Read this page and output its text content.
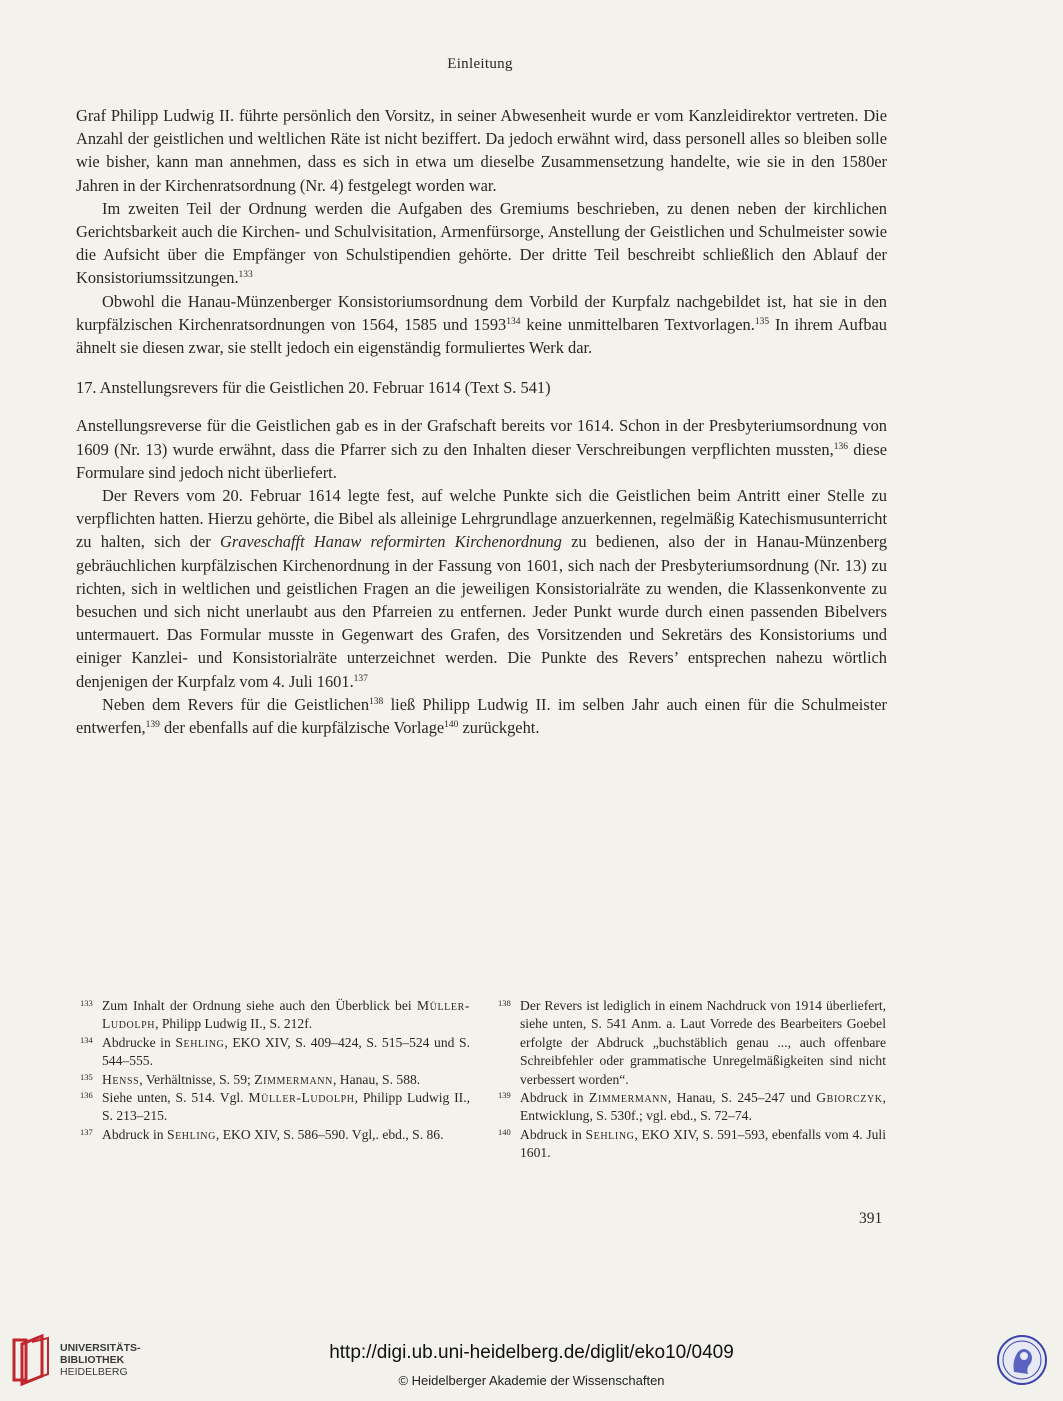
Einleitung

Graf Philipp Ludwig II. führte persönlich den Vorsitz, in seiner Abwesenheit wurde er vom Kanzleidirektor vertreten. Die Anzahl der geistlichen und weltlichen Räte ist nicht beziffert. Da jedoch erwähnt wird, dass personell alles so bleiben solle wie bisher, kann man annehmen, dass es sich in etwa um dieselbe Zusammensetzung handelte, wie sie in den 1580er Jahren in der Kirchenratsordnung (Nr. 4) festgelegt worden war.

Im zweiten Teil der Ordnung werden die Aufgaben des Gremiums beschrieben, zu denen neben der kirchlichen Gerichtsbarkeit auch die Kirchen- und Schulvisitation, Armenfürsorge, Anstellung der Geistlichen und Schulmeister sowie die Aufsicht über die Empfänger von Schulstipendien gehörte. Der dritte Teil beschreibt schließlich den Ablauf der Konsistoriumssitzungen.$^{133}$

Obwohl die Hanau-Münzenberger Konsistoriumsordnung dem Vorbild der Kurpfalz nachgebildet ist, hat sie in den kurpfälzischen Kirchenratsordnungen von 1564, 1585 und 1593$^{134}$ keine unmittelbaren Textvorlagen.$^{135}$ In ihrem Aufbau ähnelt sie diesen zwar, sie stellt jedoch ein eigenständig formuliertes Werk dar.

17. Anstellungsrevers für die Geistlichen 20. Februar 1614 (Text S. 541)

Anstellungsreverse für die Geistlichen gab es in der Grafschaft bereits vor 1614. Schon in der Presbyteriumsordnung von 1609 (Nr. 13) wurde erwähnt, dass die Pfarrer sich zu den Inhalten dieser Verschreibungen verpflichten mussten,$^{136}$ diese Formulare sind jedoch nicht überliefert.

Der Revers vom 20. Februar 1614 legte fest, auf welche Punkte sich die Geistlichen beim Antritt einer Stelle zu verpflichten hatten. Hierzu gehörte, die Bibel als alleinige Lehrgrundlage anzuerkennen, regelmäßig Katechismusunterricht zu halten, sich der Graveschafft Hanaw reformirten Kirchenordnung zu bedienen, also der in Hanau-Münzenberg gebräuchlichen kurpfälzischen Kirchenordnung in der Fassung von 1601, sich nach der Presbyteriumsordnung (Nr. 13) zu richten, sich in weltlichen und geistlichen Fragen an die jeweiligen Konsistorialräte zu wenden, die Klassenkonvente zu besuchen und sich nicht unerlaubt aus den Pfarreien zu entfernen. Jeder Punkt wurde durch einen passenden Bibelvers untermauert. Das Formular musste in Gegenwart des Grafen, des Vorsitzenden und Sekretärs des Konsistoriums und einiger Kanzlei- und Konsistorialräte unterzeichnet werden. Die Punkte des Revers’ entsprechen nahezu wörtlich denjenigen der Kurpfalz vom 4. Juli 1601.$^{137}$

Neben dem Revers für die Geistlichen$^{138}$ ließ Philipp Ludwig II. im selben Jahr auch einen für die Schulmeister entwerfen,$^{139}$ der ebenfalls auf die kurpfälzische Vorlage$^{140}$ zurückgeht.

133 Zum Inhalt der Ordnung siehe auch den Überblick bei Müller-Ludolph, Philipp Ludwig II., S. 212f.

134 Abdrucke in Sehling, EKO XIV, S. 409–424, S. 515–524 und S. 544–555.

135 Henss, Verhältnisse, S. 59; Zimmermann, Hanau, S. 588.

136 Siehe unten, S. 514. Vgl. Müller-Ludolph, Philipp Ludwig II., S. 213–215.

137 Abdruck in Sehling, EKO XIV, S. 586–590. Vgl,. ebd., S. 86.

138 Der Revers ist lediglich in einem Nachdruck von 1914 überliefert, siehe unten, S. 541 Anm. a. Laut Vorrede des Bearbeiters Goebel erfolgte der Abdruck „buchstäblich genau ..., auch offenbare Schreibfehler oder grammatische Unregelmäßigkeiten sind nicht verbessert worden“.

139 Abdruck in Zimmermann, Hanau, S. 245–247 und Gbiorczyk, Entwicklung, S. 530f.; vgl. ebd., S. 72–74.

140 Abdruck in Sehling, EKO XIV, S. 591–593, ebenfalls vom 4. Juli 1601.

391
UNIVERSITÄTS-
BIBLIOTHEK
HEIDELBERG
http://digi.ub.uni-heidelberg.de/diglit/eko10/0409
© Heidelberger Akademie der Wissenschaften
